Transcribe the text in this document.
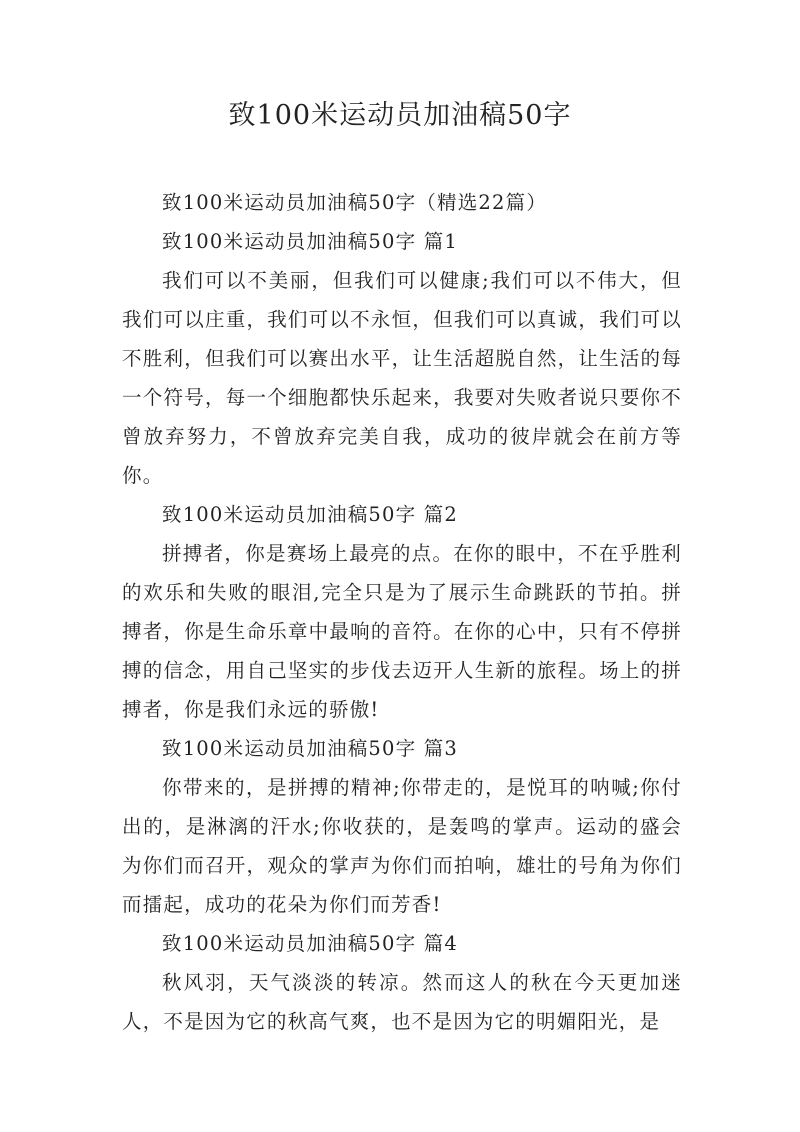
致100米运动员加油稿50字

致100米运动员加油稿50字（精选22篇）

致100米运动员加油稿50字 篇1

我们可以不美丽，但我们可以健康;我们可以不伟大，但我们可以庄重，我们可以不永恒，但我们可以真诚，我们可以不胜利，但我们可以赛出水平，让生活超脱自然，让生活的每一个符号，每一个细胞都快乐起来，我要对失败者说只要你不曾放弃努力，不曾放弃完美自我，成功的彼岸就会在前方等你。

致100米运动员加油稿50字 篇2

拼搏者，你是赛场上最亮的点。在你的眼中，不在乎胜利的欢乐和失败的眼泪,完全只是为了展示生命跳跃的节拍。拼搏者，你是生命乐章中最响的音符。在你的心中，只有不停拼搏的信念，用自己坚实的步伐去迈开人生新的旅程。场上的拼搏者，你是我们永远的骄傲!

致100米运动员加油稿50字 篇3

你带来的，是拼搏的精神;你带走的，是悦耳的呐喊;你付出的，是淋漓的汗水;你收获的，是轰鸣的掌声。运动的盛会为你们而召开，观众的掌声为你们而拍响，雄壮的号角为你们而擂起，成功的花朵为你们而芳香!

致100米运动员加油稿50字 篇4

秋风羽，天气淡淡的转凉。然而这人的秋在今天更加迷人，不是因为它的秋高气爽，也不是因为它的明媚阳光，是
